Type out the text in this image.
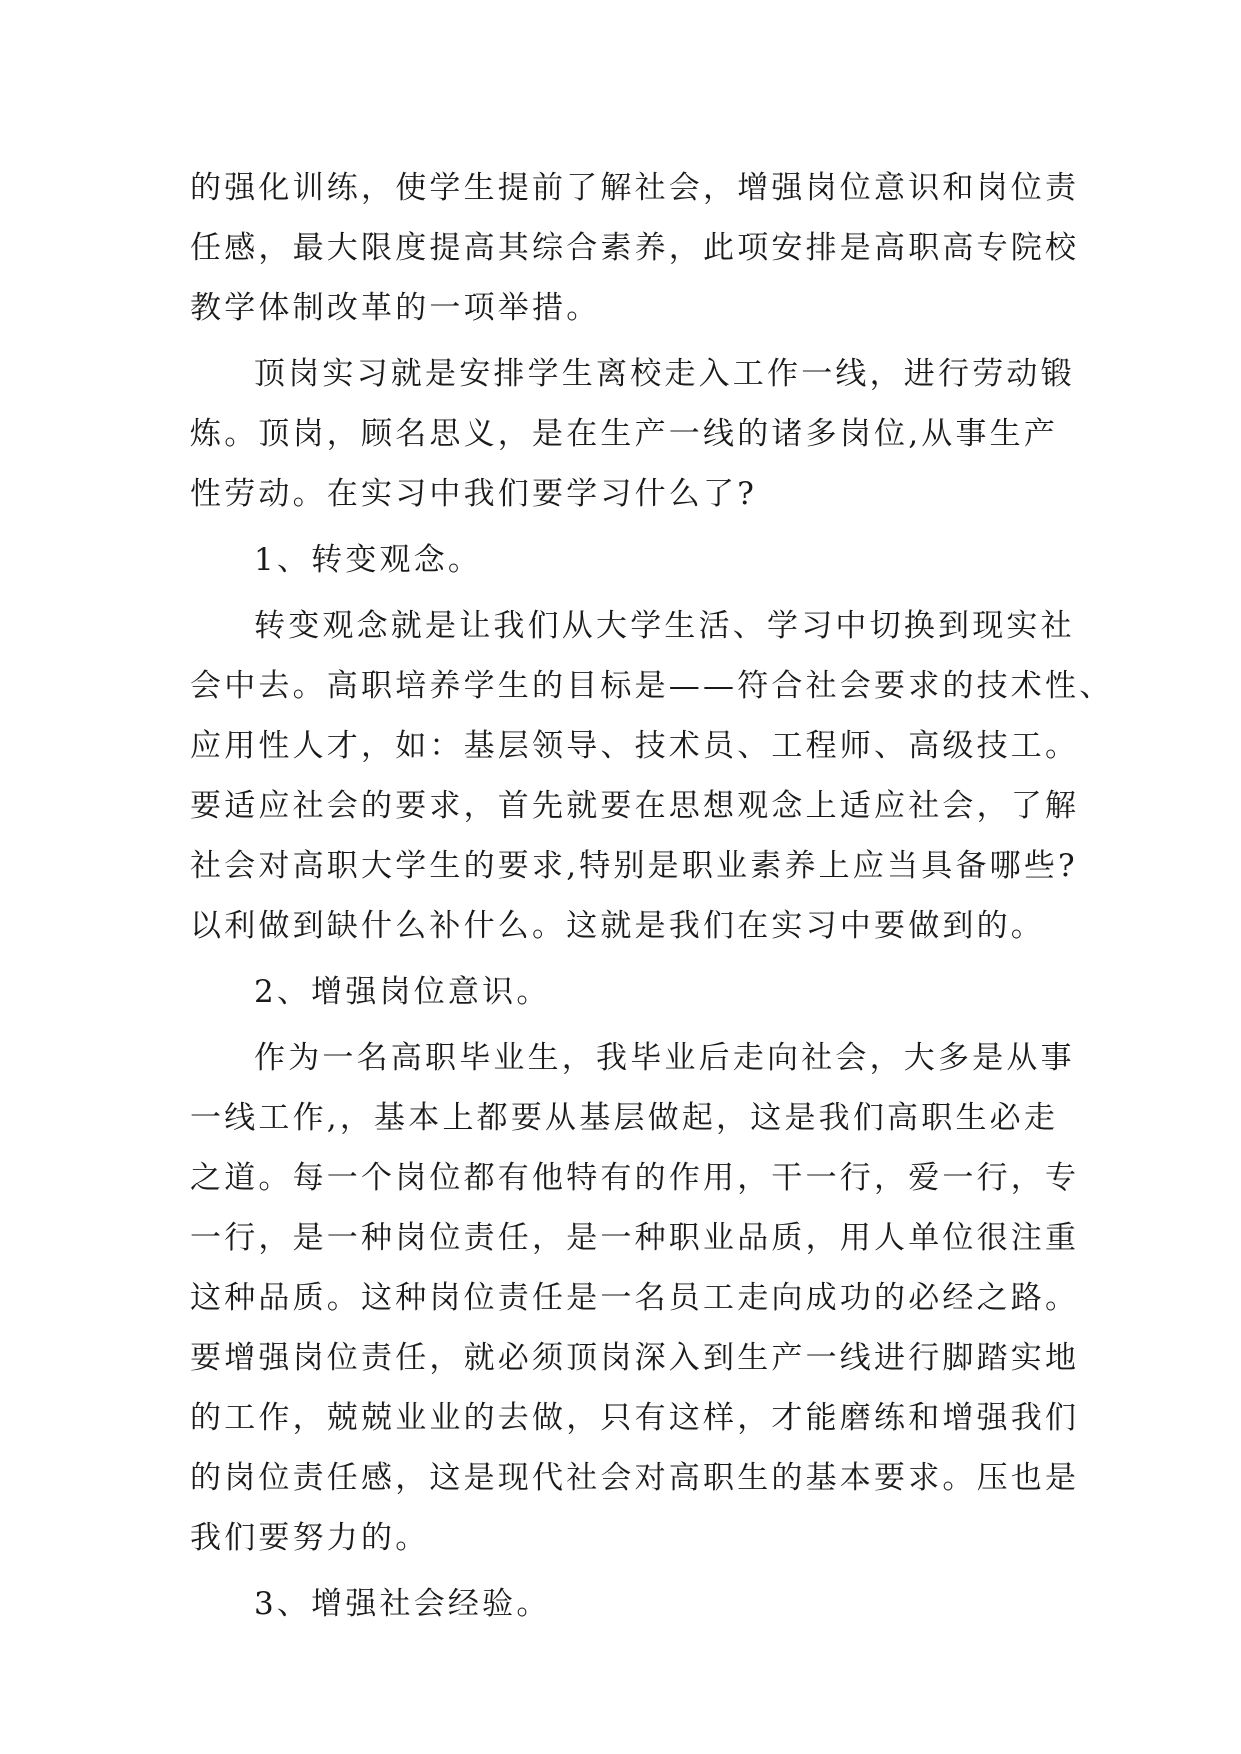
的强化训练，使学生提前了解社会，增强岗位意识和岗位责
任感，最大限度提高其综合素养，此项安排是高职高专院校
教学体制改革的一项举措。
顶岗实习就是安排学生离校走入工作一线，进行劳动锻
炼。顶岗，顾名思义，是在生产一线的诸多岗位,从事生产
性劳动。在实习中我们要学习什么了?
1、转变观念。
转变观念就是让我们从大学生活、学习中切换到现实社
会中去。高职培养学生的目标是——符合社会要求的技术性、
应用性人才，如：基层领导、技术员、工程师、高级技工。
要适应社会的要求，首先就要在思想观念上适应社会，了解
社会对高职大学生的要求,特别是职业素养上应当具备哪些?
以利做到缺什么补什么。这就是我们在实习中要做到的。
2、增强岗位意识。
作为一名高职毕业生，我毕业后走向社会，大多是从事
一线工作,，基本上都要从基层做起，这是我们高职生必走
之道。每一个岗位都有他特有的作用，干一行，爱一行，专
一行，是一种岗位责任，是一种职业品质，用人单位很注重
这种品质。这种岗位责任是一名员工走向成功的必经之路。
要增强岗位责任，就必须顶岗深入到生产一线进行脚踏实地
的工作，兢兢业业的去做，只有这样，才能磨练和增强我们
的岗位责任感，这是现代社会对高职生的基本要求。压也是
我们要努力的。
3、增强社会经验。
